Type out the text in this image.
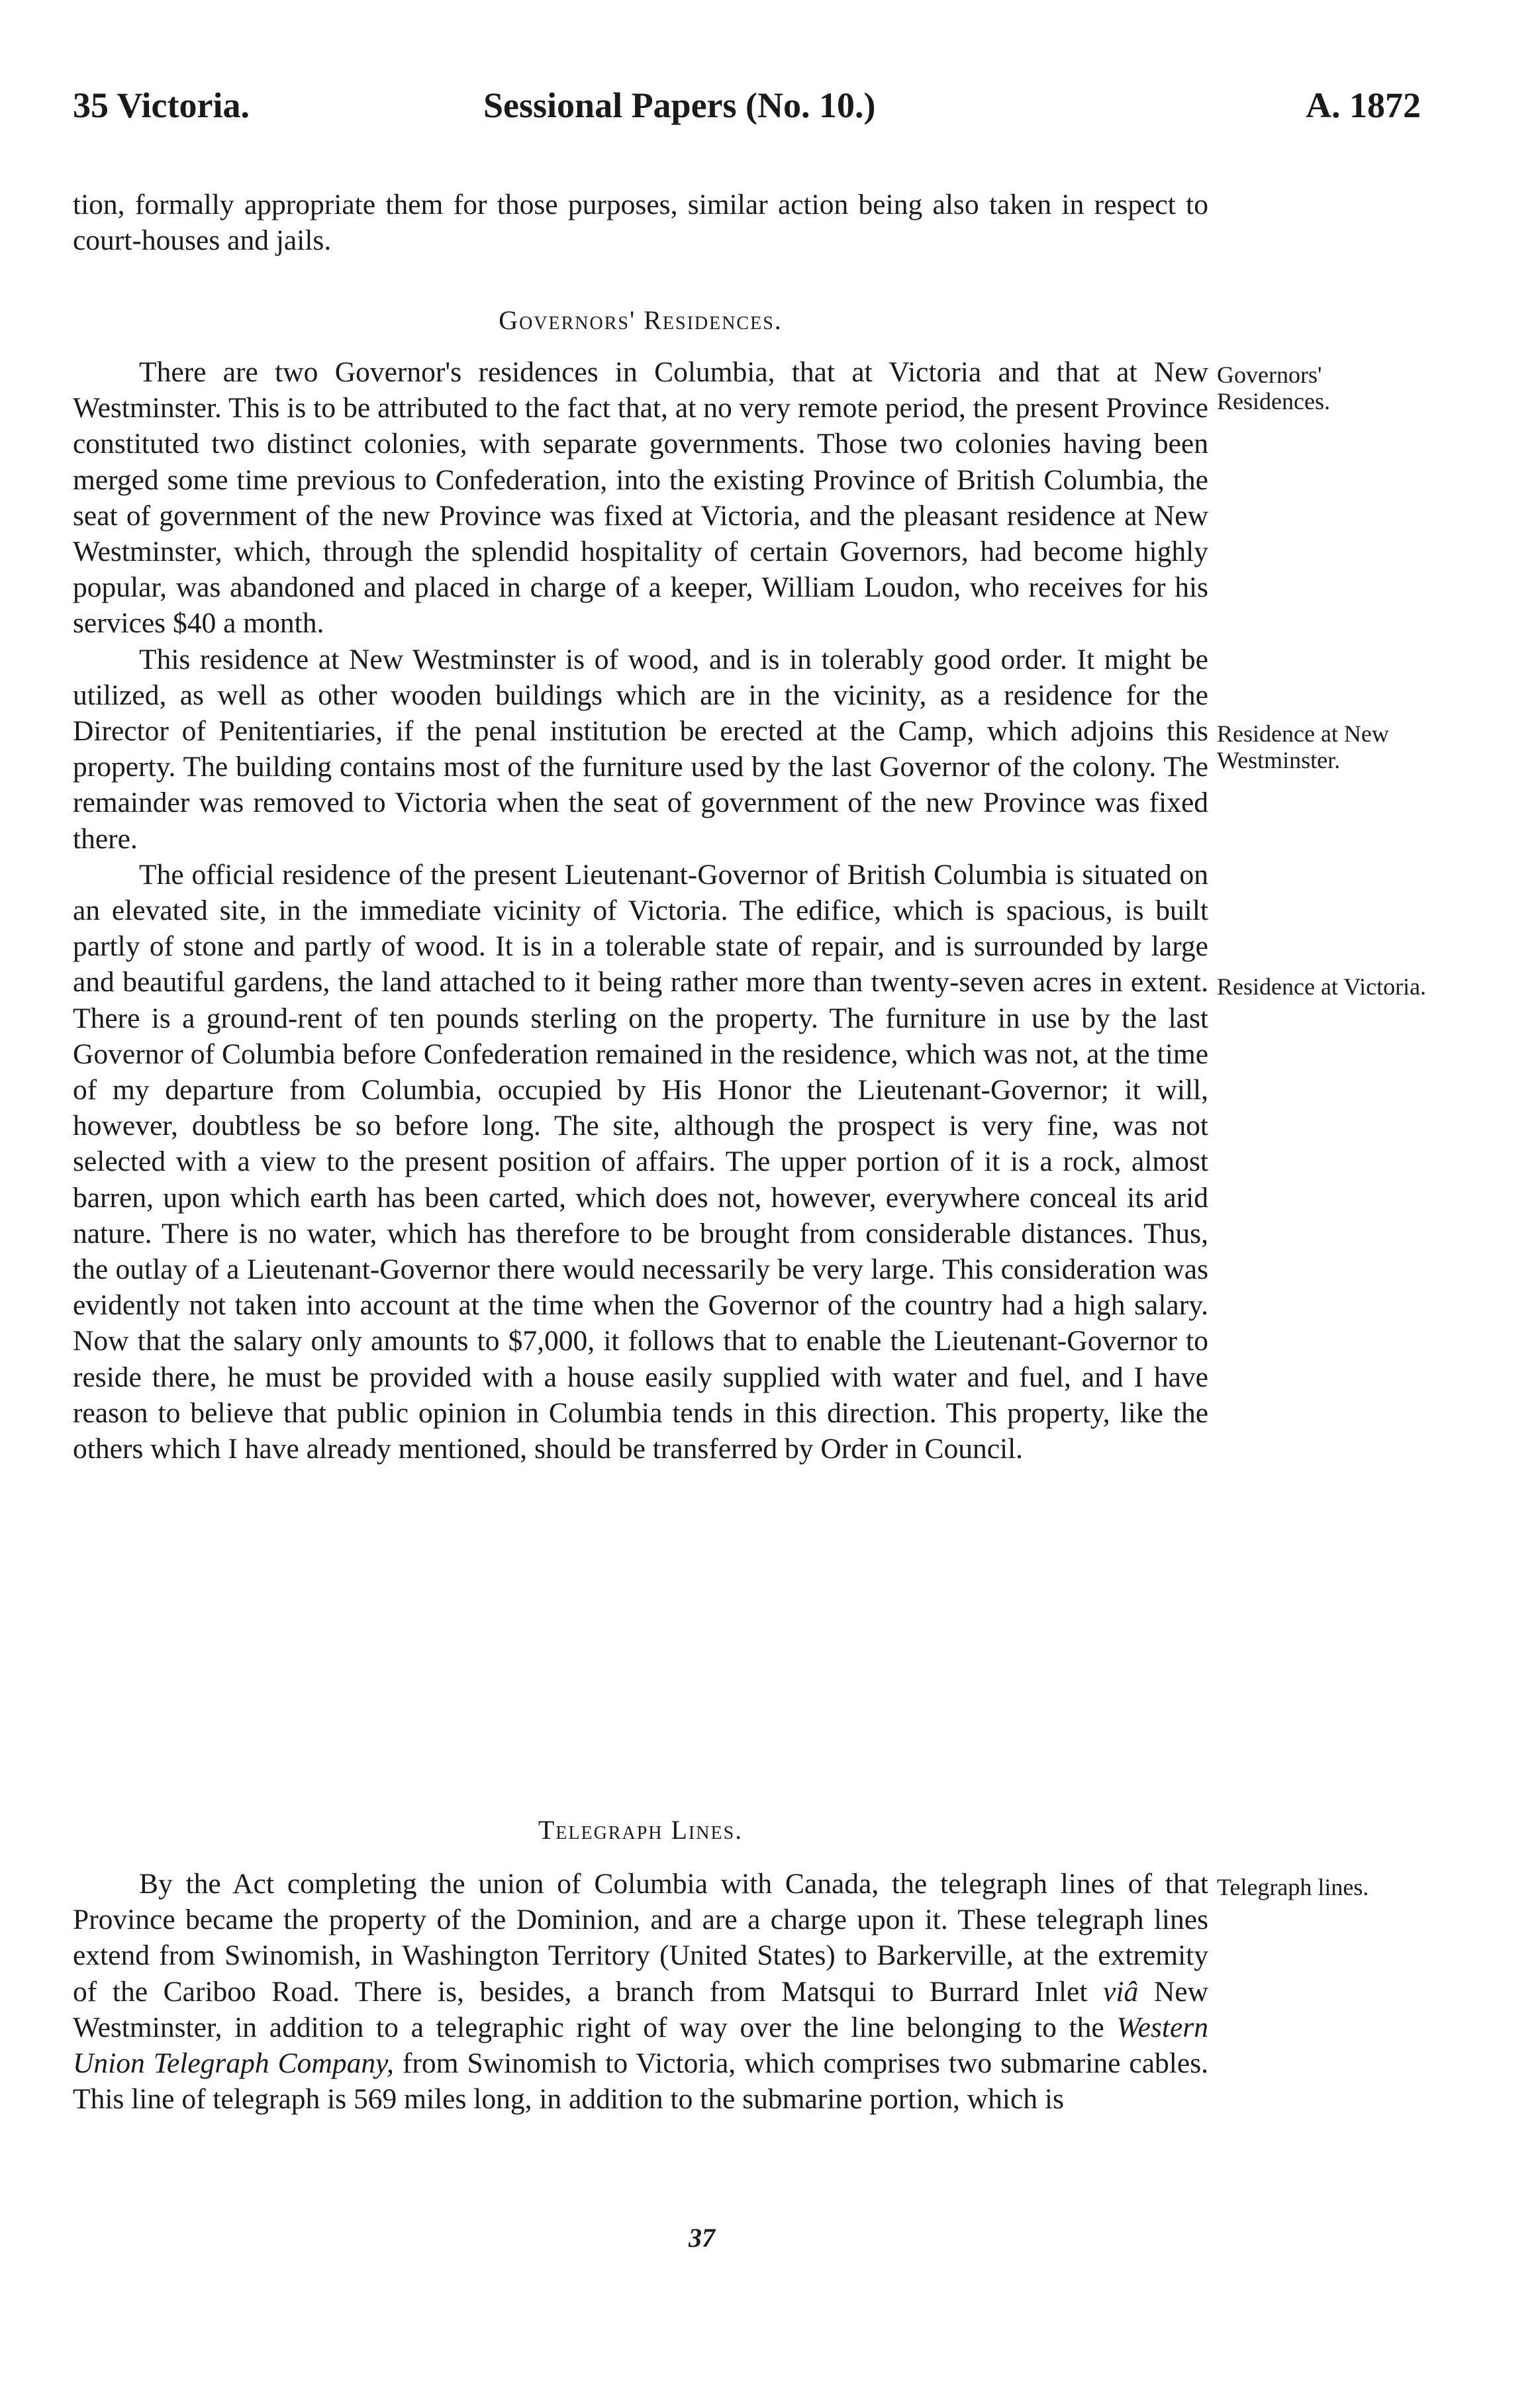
35 Victoria.	Sessional Papers (No. 10.)	A. 1872

tion, formally appropriate them for those purposes, similar action being also taken in respect to court-houses and jails.

Governors' Residences.

There are two Governor's residences in Columbia, that at Victoria and that at New Westminster. This is to be attributed to the fact that, at no very remote period, the present Province constituted two distinct colonies, with separate governments. Those two colonies having been merged some time previous to Confederation, into the existing Province of British Columbia, the seat of government of the new Province was fixed at Victoria, and the pleasant residence at New Westminster, which, through the splendid hospitality of certain Governors, had become highly popular, was abandoned and placed in charge of a keeper, William Loudon, who receives for his services $40 a month.

This residence at New Westminster is of wood, and is in tolerably good order. It might be utilized, as well as other wooden buildings which are in the vicinity, as a residence for the Director of Penitentiaries, if the penal institution be erected at the Camp, which adjoins this property. The building contains most of the furniture used by the last Governor of the colony. The remainder was removed to Victoria when the seat of government of the new Province was fixed there.

The official residence of the present Lieutenant-Governor of British Columbia is situated on an elevated site, in the immediate vicinity of Victoria. The edifice, which is spacious, is built partly of stone and partly of wood. It is in a tolerable state of repair, and is surrounded by large and beautiful gardens, the land attached to it being rather more than twenty-seven acres in extent. There is a ground-rent of ten pounds sterling on the property. The furniture in use by the last Governor of Columbia before Confederation remained in the residence, which was not, at the time of my departure from Columbia, occupied by His Honor the Lieutenant-Governor; it will, however, doubtless be so before long. The site, although the prospect is very fine, was not selected with a view to the present position of affairs. The upper portion of it is a rock, almost barren, upon which earth has been carted, which does not, however, everywhere conceal its arid nature. There is no water, which has therefore to be brought from considerable distances. Thus, the outlay of a Lieutenant-Governor there would necessarily be very large. This consideration was evidently not taken into account at the time when the Governor of the country had a high salary. Now that the salary only amounts to $7,000, it follows that to enable the Lieutenant-Governor to reside there, he must be provided with a house easily supplied with water and fuel, and I have reason to believe that public opinion in Columbia tends in this direction. This property, like the others which I have already mentioned, should be transferred by Order in Council.

Telegraph Lines.

By the Act completing the union of Columbia with Canada, the telegraph lines of that Province became the property of the Dominion, and are a charge upon it. These telegraph lines extend from Swinomish, in Washington Territory (United States) to Barkerville, at the extremity of the Cariboo Road. There is, besides, a branch from Matsqui to Burrard Inlet viâ New Westminster, in addition to a telegraphic right of way over the line belonging to the Western Union Telegraph Company, from Swinomish to Victoria, which comprises two submarine cables. This line of telegraph is 569 miles long, in addition to the submarine portion, which is

Governors' Residences.
Residence at New Westminster.
Residence at Victoria.
Telegraph lines.
37
